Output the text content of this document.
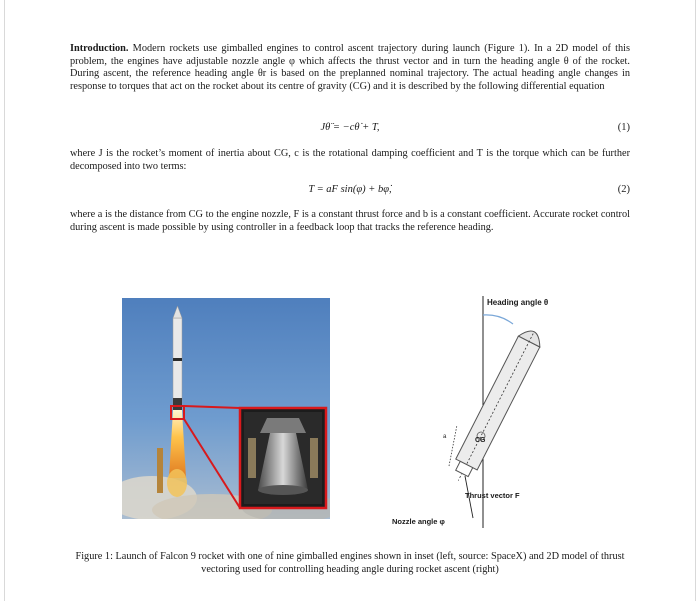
Introduction. Modern rockets use gimballed engines to control ascent trajectory during launch (Figure 1). In a 2D model of this problem, the engines have adjustable nozzle angle φ which affects the thrust vector and in turn the heading angle θ of the rocket. During ascent, the reference heading angle θr is based on the preplanned nominal trajectory. The actual heading angle changes in response to torques that act on the rocket about its centre of gravity (CG) and it is described by the following differential equation
Jθ̈ = −cθ̇ + T,	(1)
where J is the rocket’s moment of inertia about CG, c is the rotational damping coefficient and T is the torque which can be further decomposed into two terms:
T = aF sin(φ) + bφ̇,	(2)
where a is the distance from CG to the engine nozzle, F is a constant thrust force and b is a constant coefficient. Accurate rocket control during ascent is made possible by using controller in a feedback loop that tracks the reference heading.
Heading angle θ
CG
a
Thrust vector F
Nozzle angle φ
Figure 1: Launch of Falcon 9 rocket with one of nine gimballed engines shown in inset (left, source: SpaceX) and 2D model of thrust vectoring used for controlling heading angle during rocket ascent (right)
